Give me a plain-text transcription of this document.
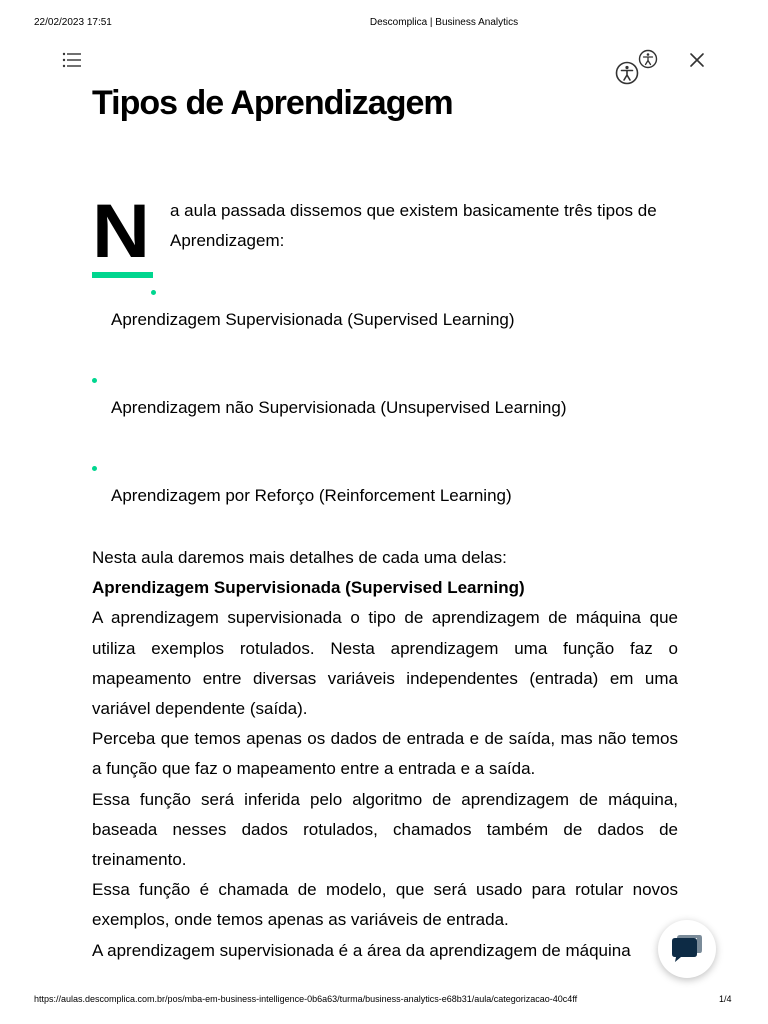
22/02/2023 17:51	Descomplica | Business Analytics
Tipos de Aprendizagem
N a aula passada dissemos que existem basicamente três tipos de Aprendizagem:
Aprendizagem Supervisionada (Supervised Learning)
Aprendizagem não Supervisionada (Unsupervised Learning)
Aprendizagem por Reforço (Reinforcement Learning)

Nesta aula daremos mais detalhes de cada uma delas:

Aprendizagem Supervisionada (Supervised Learning)

A aprendizagem supervisionada o tipo de aprendizagem de máquina que utiliza exemplos rotulados. Nesta aprendizagem uma função faz o mapeamento entre diversas variáveis independentes (entrada) em uma variável dependente (saída).

Perceba que temos apenas os dados de entrada e de saída, mas não temos a função que faz o mapeamento entre a entrada e a saída.

Essa função será inferida pelo algoritmo de aprendizagem de máquina, baseada nesses dados rotulados, chamados também de dados de treinamento.

Essa função é chamada de modelo, que será usado para rotular novos exemplos, onde temos apenas as variáveis de entrada.

A aprendizagem supervisionada é a área da aprendizagem de máquina

https://aulas.descomplica.com.br/pos/mba-em-business-intelligence-0b6a63/turma/business-analytics-e68b31/aula/categorizacao-40c4ff	1/4
